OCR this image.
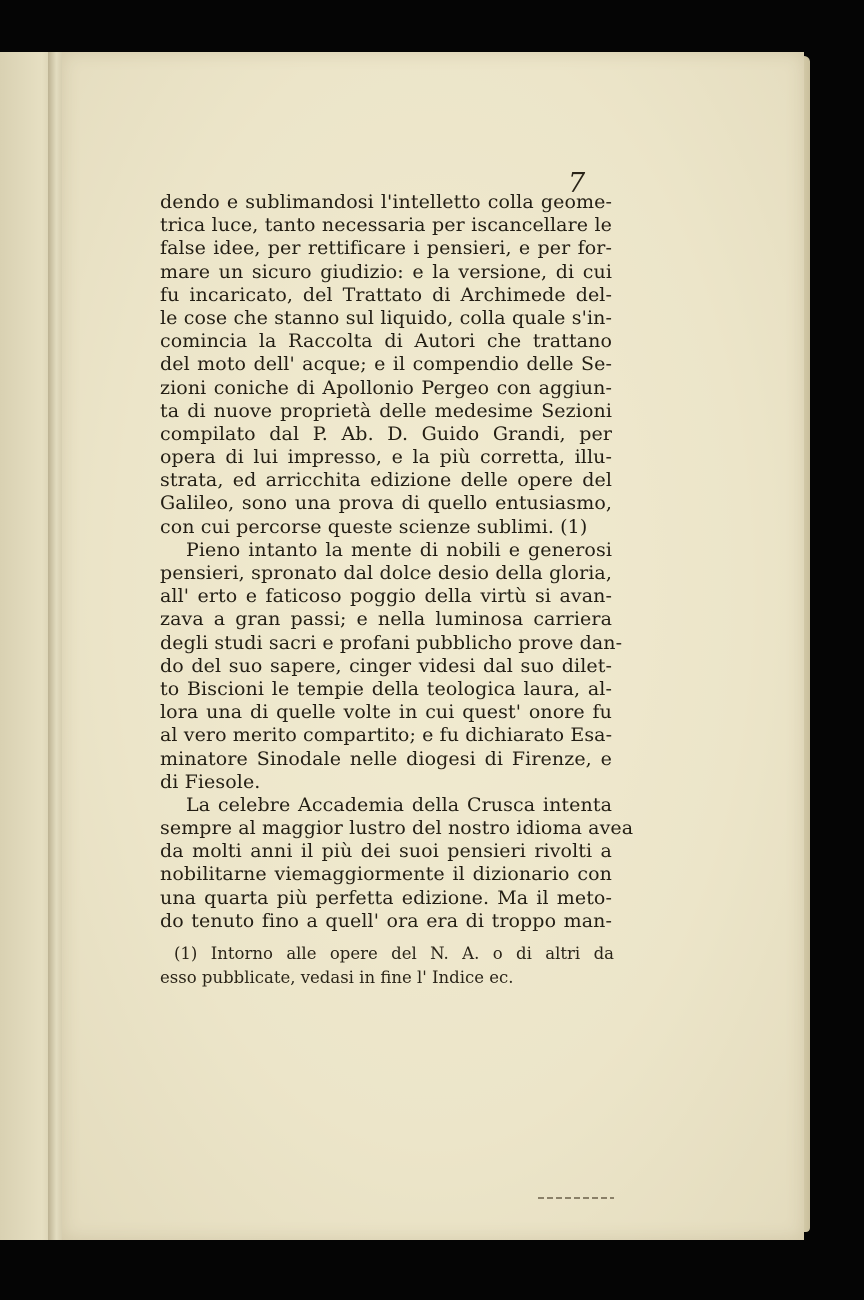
7
dendo e sublimandosi l'intelletto colla geome-
trica luce, tanto necessaria per iscancellare le
false idee, per rettificare i pensieri, e per for-
mare un sicuro giudizio: e la versione, di cui
fu incaricato, del Trattato di Archimede del-
le cose che stanno sul liquido, colla quale s'in-
comincia la Raccolta di Autori che trattano
del moto dell' acque; e il compendio delle Se-
zioni coniche di Apollonio Pergeo con aggiun-
ta di nuove proprietà delle medesime Sezioni
compilato dal P. Ab. D. Guido Grandi, per
opera di lui impresso, e la più corretta, illu-
strata, ed arricchita edizione delle opere del
Galileo, sono una prova di quello entusiasmo,
con cui percorse queste scienze sublimi. (1)
Pieno intanto la mente di nobili e generosi
pensieri, spronato dal dolce desio della gloria,
all' erto e faticoso poggio della virtù si avan-
zava a gran passi; e nella luminosa carriera
degli studi sacri e profani pubblicho prove dan-
do del suo sapere, cinger videsi dal suo dilet-
to Biscioni le tempie della teologica laura, al-
lora una di quelle volte in cui quest' onore fu
al vero merito compartito; e fu dichiarato Esa-
minatore Sinodale nelle diogesi di Firenze, e
di Fiesole.
La celebre Accademia della Crusca intenta
sempre al maggior lustro del nostro idioma avea
da molti anni il più dei suoi pensieri rivolti a
nobilitarne viemaggiormente il dizionario con
una quarta più perfetta edizione. Ma il meto-
do tenuto fino a quell' ora era di troppo man-
(1) Intorno alle opere del N. A. o di altri da
esso pubblicate, vedasi in fine l' Indice ec.
